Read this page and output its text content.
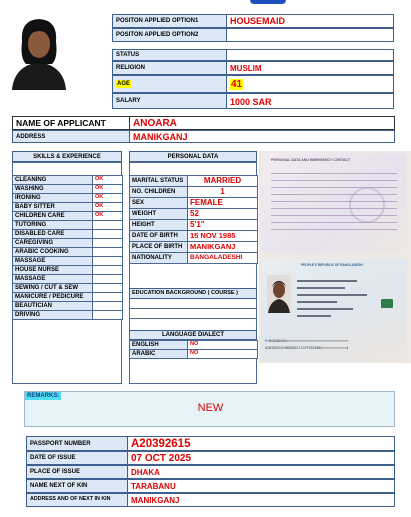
POSITON APPLIED OPTION1	HOUSEMAID
POSITON APPLIED OPTION2
STATUS
RELIGION	MUSLIM
AGE	41
SALARY	1000 SAR
NAME OF APPLICANT	ANOARA
ADDRESS	MANIKGANJ
SKILLS & EXPERIENCE
CLEANING	OK
WASHING	OK
IRONING	OK
BABY SITTER	OK
CHILDREN CARE	OK
TUTORING	
DISABLED CARE	
CAREGIVING	
ARABIC COOKING	
MASSAGE	
HOUSE NURSE	
MASSAGE	
SEWING / CUT & SEW	
MANICURE / PEDICURE	
BEAUTICIAN	
DRIVING	
PERSONAL DATA
MARITAL STATUS	MARRIED
NO. CHILDREN	1
SEX	FEMALE
WEIGHT	52
HEIGHT	5'1"
DATE OF BIRTH	15 NOV 1985
PLACE OF BIRTH	MANIKGANJ
NATIONALITY	BANGALADESHI
EDUCATION BACKGROUND ( COURSE )
LANGUAGE DIALECT
ENGLISH	NO
ARABIC	NO
PERSONAL DATA AND EMERGENCY CONTACT
PEOPLE'S REPUBLIC OF BANGLADESH
P<BGDANOARA<<<<<<<<<<<<<<<<<<<<<<<<<<<<<<<
A20392615<6BGD8511157F3510064<<<<<<<<<<<<4
REMARKS:
NEW
PASSPORT NUMBER	A20392615
DATE OF ISSUE	07 OCT 2025
PLACE OF ISSUE	DHAKA
NAME NEXT OF KIN	TARABANU
ADDRESS AND OF NEXT IN KIN	MANIKGANJ
